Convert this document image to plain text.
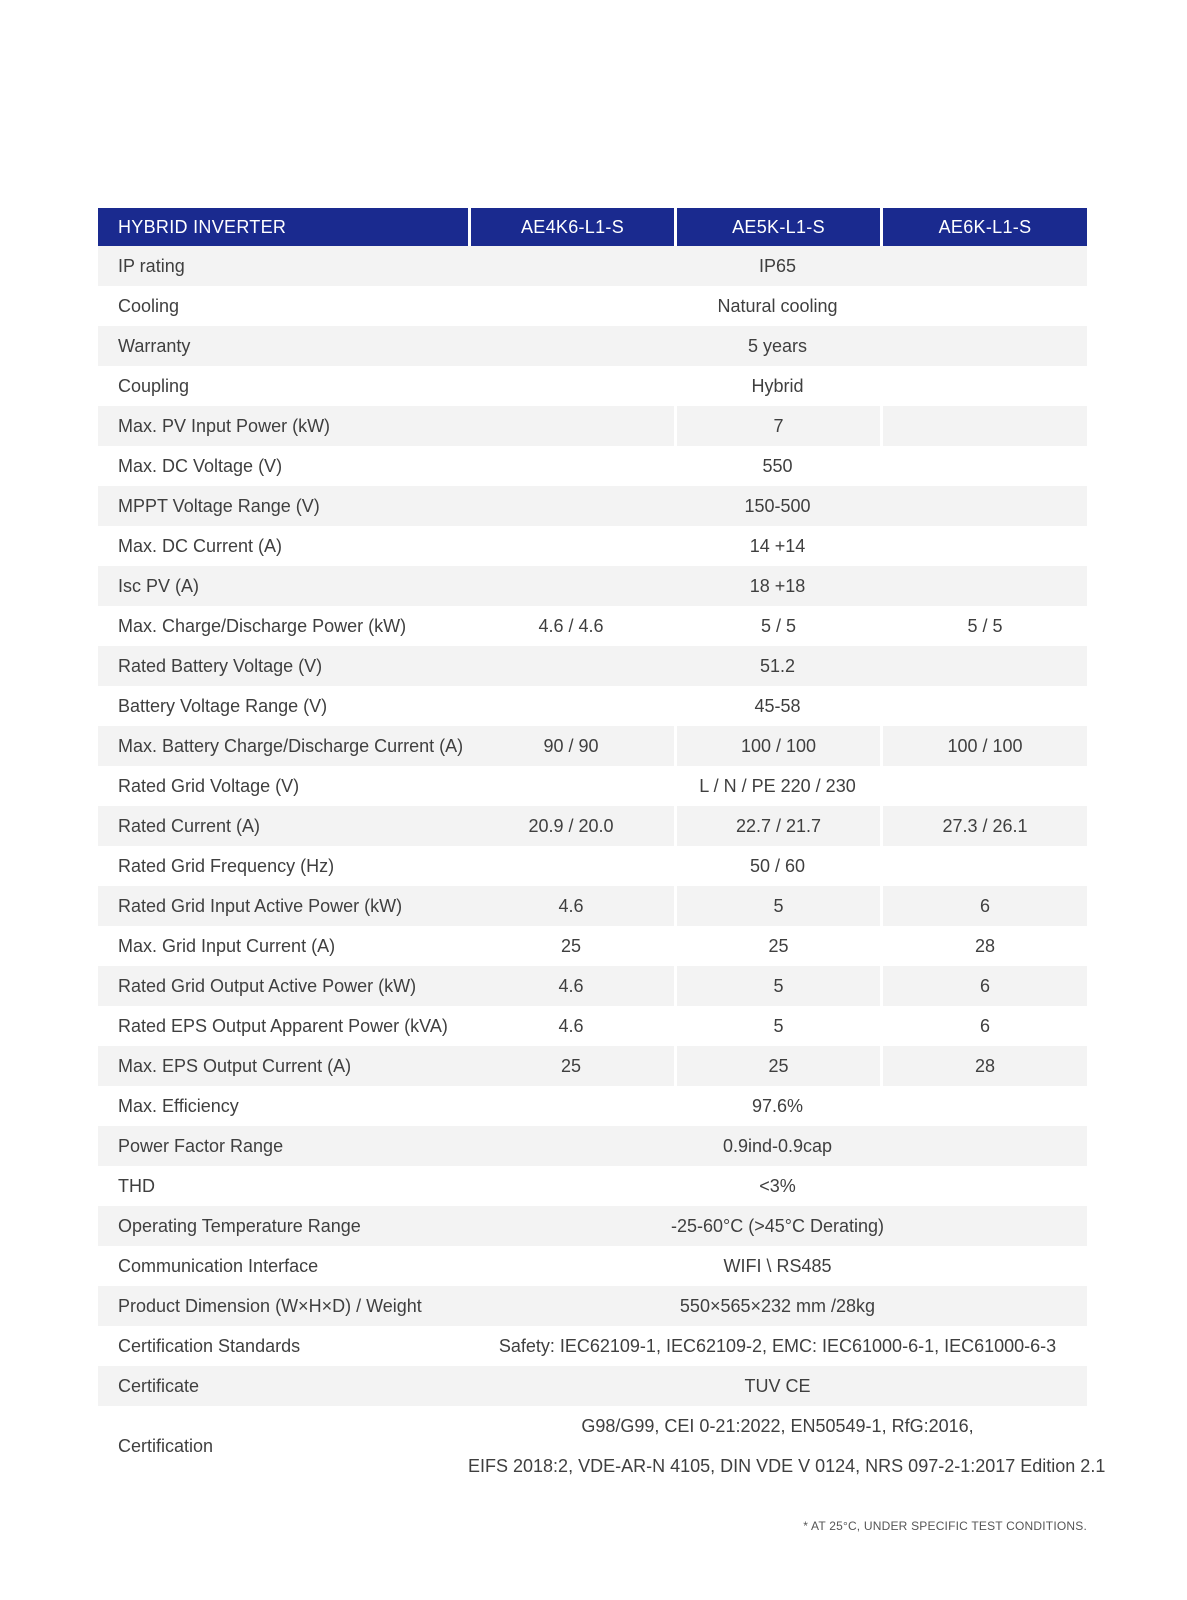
HYBRID INVERTER	AE4K6-L1-S	AE5K-L1-S	AE6K-L1-S
IP rating	IP65		
Cooling	Natural cooling		
Warranty	5 years		
Coupling	Hybrid		
Max. PV Input Power (kW)		7	
Max. DC Voltage (V)	550		
MPPT Voltage Range (V)	150-500		
Max. DC Current (A)	14 +14		
Isc PV (A)	18 +18		
Max. Charge/Discharge Power (kW)	4.6 / 4.6	5 / 5	5 / 5
Rated Battery Voltage (V)	51.2		
Battery Voltage Range (V)	45-58		
Max. Battery Charge/Discharge Current (A)	90 / 90	100 / 100	100 / 100
Rated Grid Voltage (V)	L / N / PE 220 / 230		
Rated Current (A)	20.9 / 20.0	22.7 / 21.7	27.3 / 26.1
Rated Grid Frequency (Hz)	50 / 60		
Rated Grid Input Active Power (kW)	4.6	5	6
Max. Grid Input Current (A)	25	25	28
Rated Grid Output Active Power (kW)	4.6	5	6
Rated EPS Output Apparent Power (kVA)	4.6	5	6
Max. EPS Output Current (A)	25	25	28
Max. Efficiency	97.6%		
Power Factor Range	0.9ind-0.9cap		
THD	<3%		
Operating Temperature Range	-25-60°C (>45°C Derating)		
Communication Interface	WIFI \ RS485		
Product Dimension (W×H×D) / Weight	550×565×232 mm /28kg		
Certification Standards	Safety: IEC62109-1, IEC62109-2, EMC: IEC61000-6-1, IEC61000-6-3		
Certificate	TUV CE		
Certification	G98/G99, CEI 0-21:2022, EN50549-1, RfG:2016,
EIFS 2018:2, VDE-AR-N 4105, DIN VDE V 0124, NRS 097-2-1:2017 Edition 2.1		
* AT 25°C, UNDER SPECIFIC TEST CONDITIONS.
